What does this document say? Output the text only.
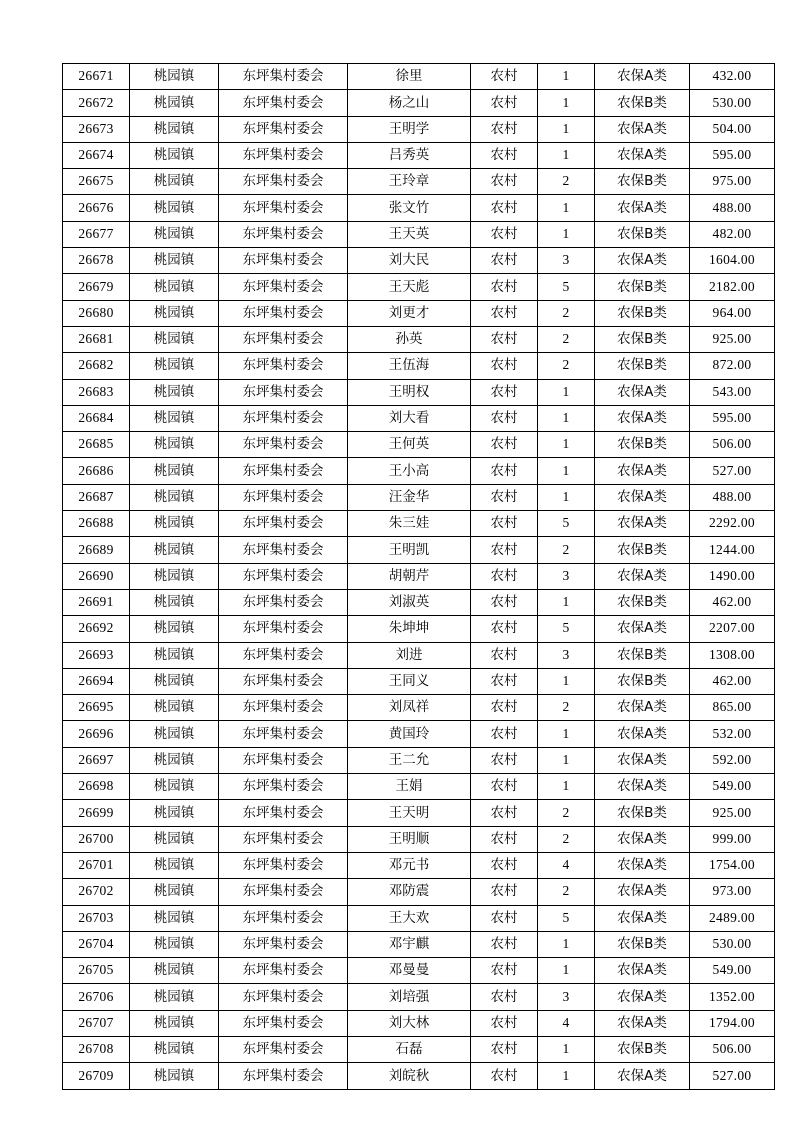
26671	桃园镇	东坪集村委会	徐里	农村	1	农保A类	432.00
26672	桃园镇	东坪集村委会	杨之山	农村	1	农保B类	530.00
26673	桃园镇	东坪集村委会	王明学	农村	1	农保A类	504.00
26674	桃园镇	东坪集村委会	吕秀英	农村	1	农保A类	595.00
26675	桃园镇	东坪集村委会	王玲章	农村	2	农保B类	975.00
26676	桃园镇	东坪集村委会	张文竹	农村	1	农保A类	488.00
26677	桃园镇	东坪集村委会	王天英	农村	1	农保B类	482.00
26678	桃园镇	东坪集村委会	刘大民	农村	3	农保A类	1604.00
26679	桃园镇	东坪集村委会	王天彪	农村	5	农保B类	2182.00
26680	桃园镇	东坪集村委会	刘更才	农村	2	农保B类	964.00
26681	桃园镇	东坪集村委会	孙英	农村	2	农保B类	925.00
26682	桃园镇	东坪集村委会	王伍海	农村	2	农保B类	872.00
26683	桃园镇	东坪集村委会	王明权	农村	1	农保A类	543.00
26684	桃园镇	东坪集村委会	刘大看	农村	1	农保A类	595.00
26685	桃园镇	东坪集村委会	王何英	农村	1	农保B类	506.00
26686	桃园镇	东坪集村委会	王小高	农村	1	农保A类	527.00
26687	桃园镇	东坪集村委会	汪金华	农村	1	农保A类	488.00
26688	桃园镇	东坪集村委会	朱三娃	农村	5	农保A类	2292.00
26689	桃园镇	东坪集村委会	王明凯	农村	2	农保B类	1244.00
26690	桃园镇	东坪集村委会	胡朝芹	农村	3	农保A类	1490.00
26691	桃园镇	东坪集村委会	刘淑英	农村	1	农保B类	462.00
26692	桃园镇	东坪集村委会	朱坤坤	农村	5	农保A类	2207.00
26693	桃园镇	东坪集村委会	刘进	农村	3	农保B类	1308.00
26694	桃园镇	东坪集村委会	王同义	农村	1	农保B类	462.00
26695	桃园镇	东坪集村委会	刘凤祥	农村	2	农保A类	865.00
26696	桃园镇	东坪集村委会	黄国玲	农村	1	农保A类	532.00
26697	桃园镇	东坪集村委会	王二允	农村	1	农保A类	592.00
26698	桃园镇	东坪集村委会	王娟	农村	1	农保A类	549.00
26699	桃园镇	东坪集村委会	王天明	农村	2	农保B类	925.00
26700	桃园镇	东坪集村委会	王明顺	农村	2	农保A类	999.00
26701	桃园镇	东坪集村委会	邓元书	农村	4	农保A类	1754.00
26702	桃园镇	东坪集村委会	邓防震	农村	2	农保A类	973.00
26703	桃园镇	东坪集村委会	王大欢	农村	5	农保A类	2489.00
26704	桃园镇	东坪集村委会	邓宇麒	农村	1	农保B类	530.00
26705	桃园镇	东坪集村委会	邓曼曼	农村	1	农保A类	549.00
26706	桃园镇	东坪集村委会	刘培强	农村	3	农保A类	1352.00
26707	桃园镇	东坪集村委会	刘大林	农村	4	农保A类	1794.00
26708	桃园镇	东坪集村委会	石磊	农村	1	农保B类	506.00
26709	桃园镇	东坪集村委会	刘皖秋	农村	1	农保A类	527.00
